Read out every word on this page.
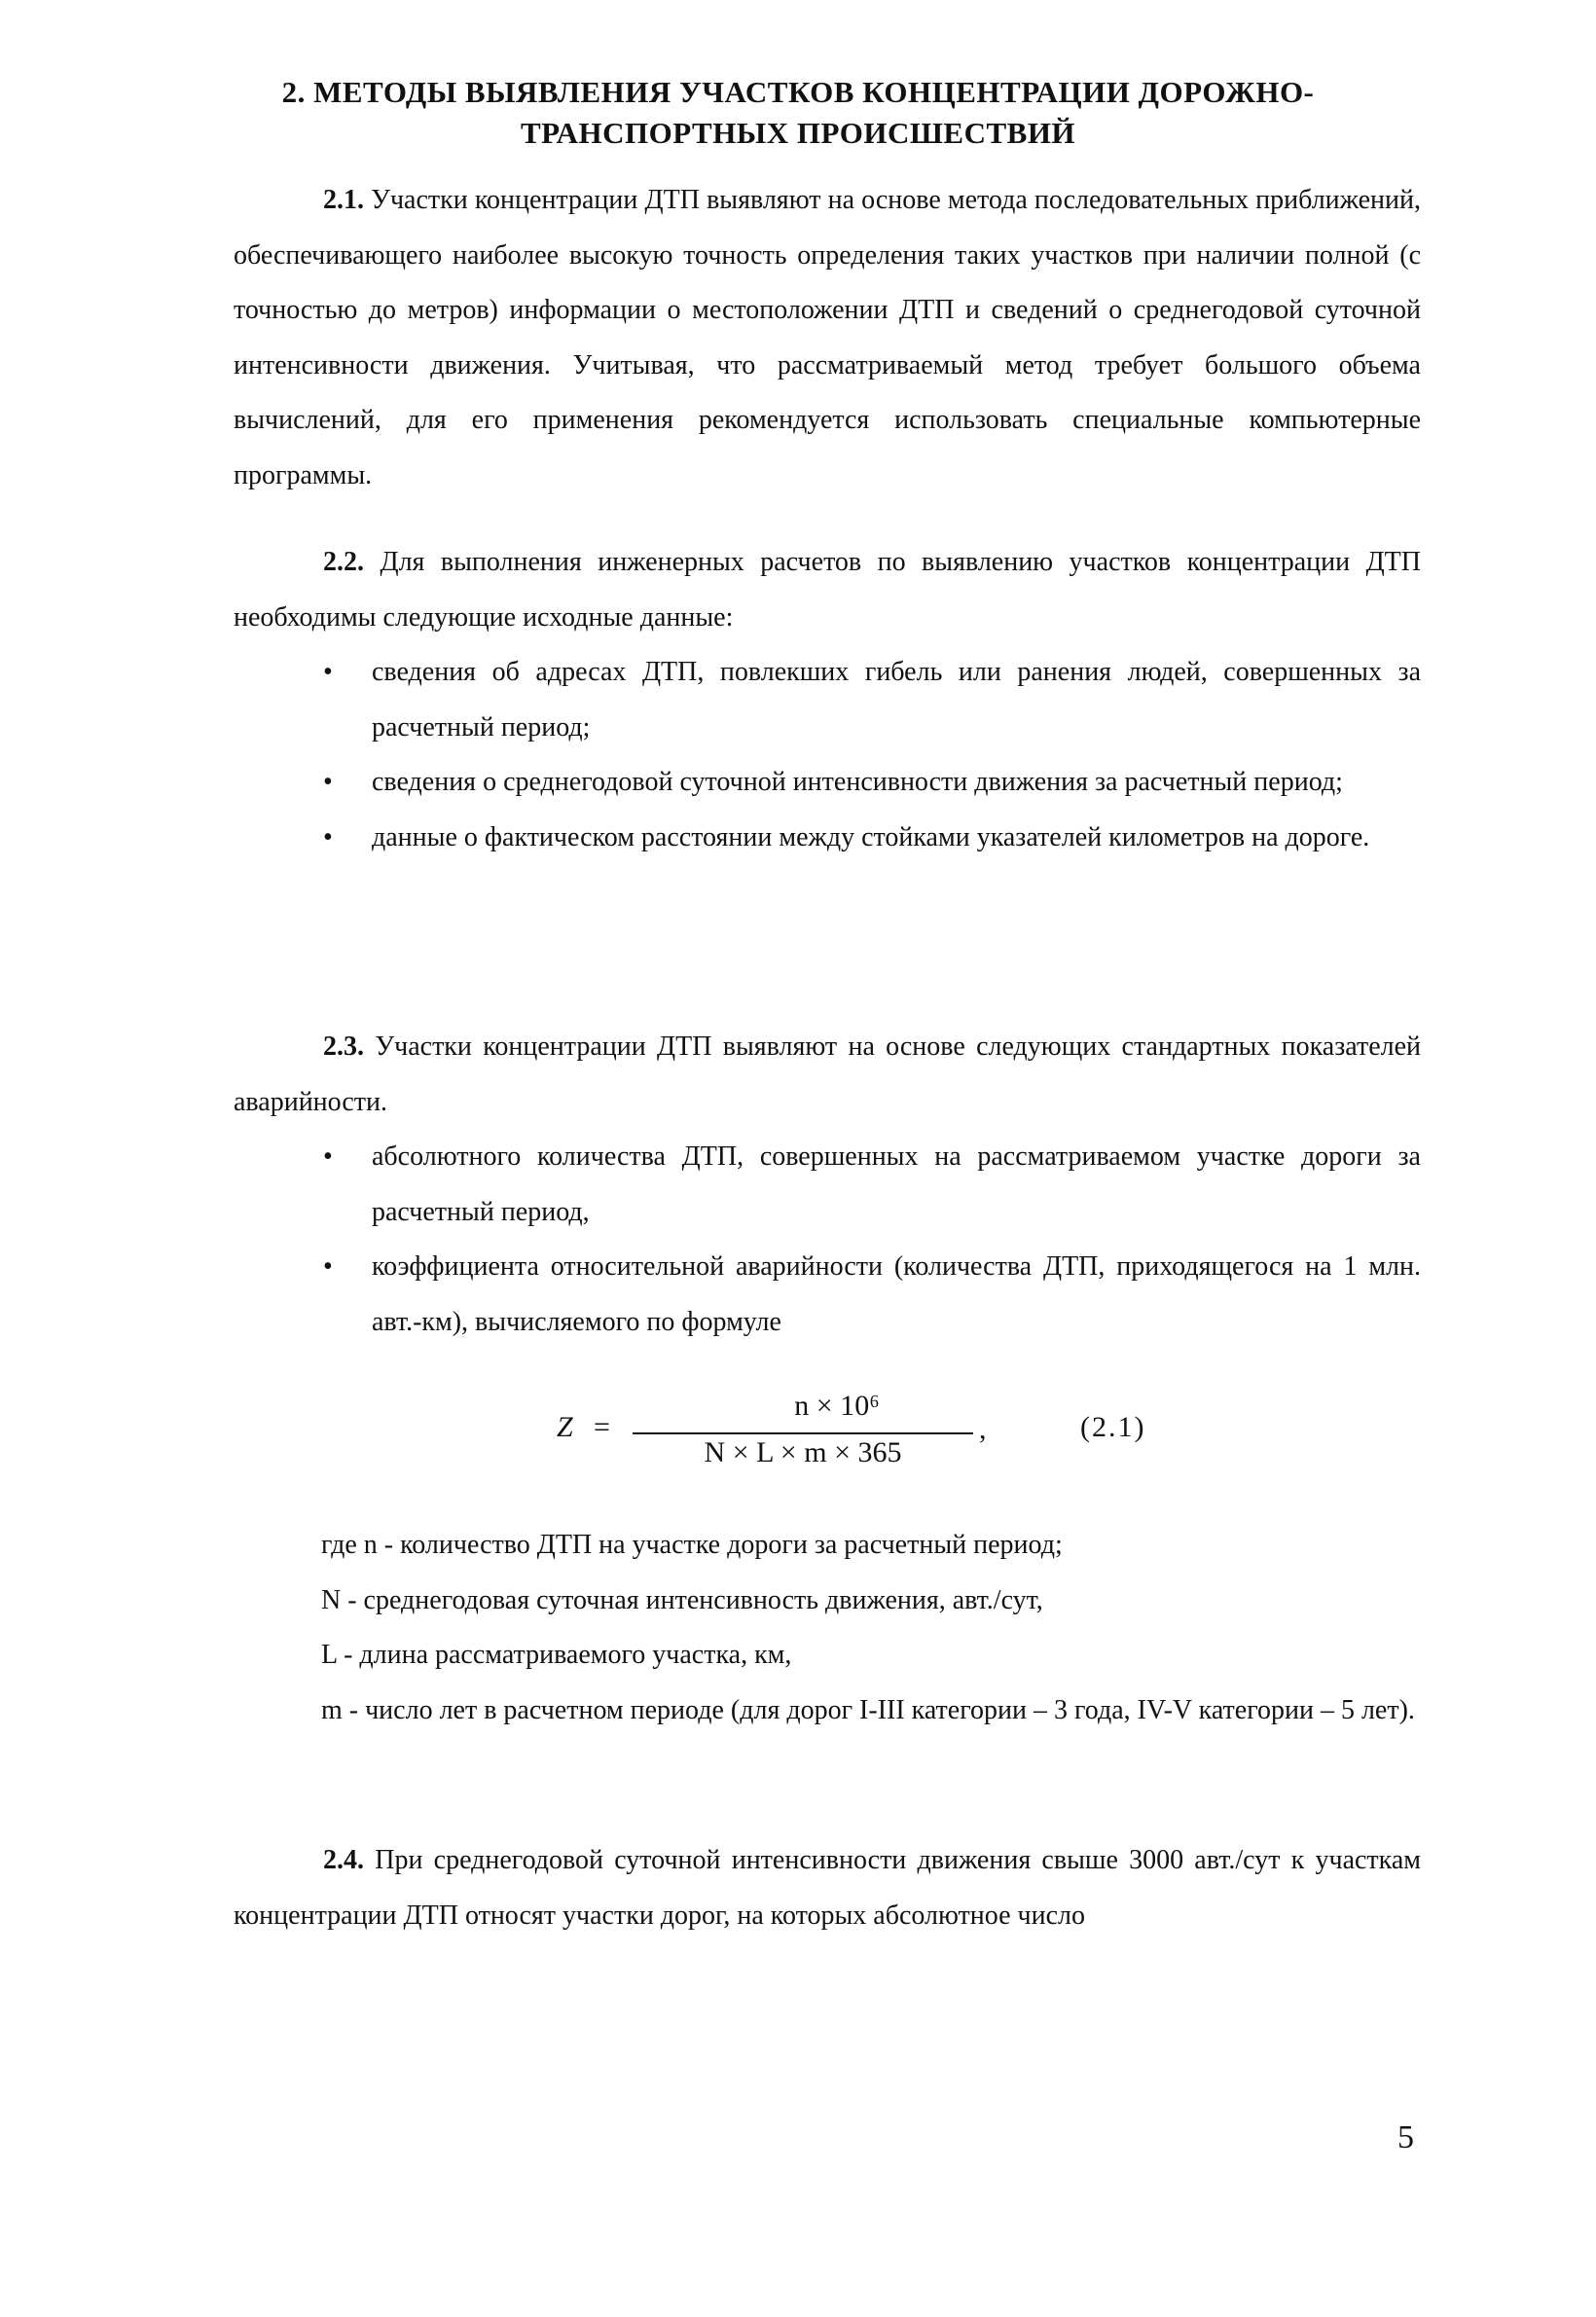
2. МЕТОДЫ ВЫЯВЛЕНИЯ УЧАСТКОВ КОНЦЕНТРАЦИИ ДОРОЖНО-
ТРАНСПОРТНЫХ ПРОИСШЕСТВИЙ

2.1. Участки концентрации ДТП выявляют на основе метода последовательных приближений, обеспечивающего наиболее высокую точность определения таких участков при наличии полной (с точностью до метров) информации о местоположении ДТП и сведений о среднегодовой суточной интенсивности движения. Учитывая, что рассматриваемый метод требует большого объема вычислений, для его применения рекомендуется использовать специальные компьютерные программы.

2.2. Для выполнения инженерных расчетов по выявлению участков концентрации ДТП необходимы следующие исходные данные:

• сведения об адресах ДТП, повлекших гибель или ранения людей, совершенных за расчетный период;
• сведения о среднегодовой суточной интенсивности движения за расчетный период;
• данные о фактическом расстоянии между стойками указателей километров на дороге.

2.3. Участки концентрации ДТП выявляют на основе следующих стандартных показателей аварийности.

• абсолютного количества ДТП, совершенных на рассматриваемом участке дороги за расчетный период,
• коэффициента относительной аварийности (количества ДТП, приходящегося на 1 млн. авт.-км), вычисляемого по формуле
Z =
n × 10⁶
N × L × m × 365
,	(2.1)
где n - количество ДТП на участке дороги за расчетный период;
N - среднегодовая суточная интенсивность движения, авт./сут,
L - длина рассматриваемого участка, км,
m - число лет в расчетном периоде (для дорог I-III категории – 3 года, IV-V категории – 5 лет).

2.4. При среднегодовой суточной интенсивности движения свыше 3000 авт./сут к участкам концентрации ДТП относят участки дорог, на которых абсолютное число

5
